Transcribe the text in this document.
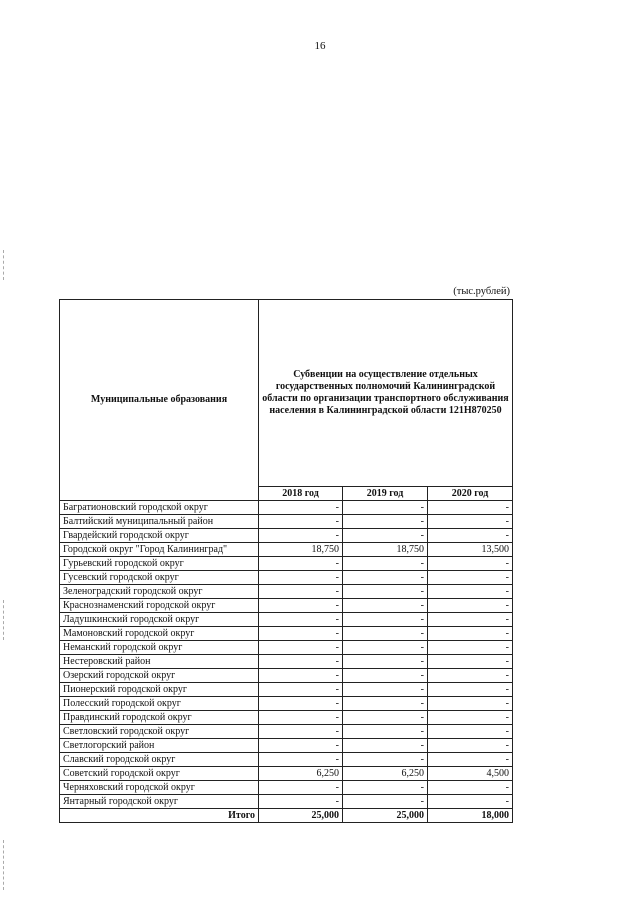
16
(тыс.рублей)
Муниципальные образования	Субвенции на осуществление отдельных государственных полномочий Калининградской области по организации транспортного обслуживания населения в Калининградской области 121Н870250		
	2018 год	2019 год	2020 год
Багратионовский городской округ	-	-	-
Балтийский муниципальный район	-	-	-
Гвардейский городской округ	-	-	-
Городской округ "Город Калининград"	18,750	18,750	13,500
Гурьевский городской округ	-	-	-
Гусевский городской округ	-	-	-
Зеленоградский городской округ	-	-	-
Краснознаменский городской округ	-	-	-
Ладушкинский городской округ	-	-	-
Мамоновский городской округ	-	-	-
Неманский городской округ	-	-	-
Нестеровский район	-	-	-
Озерский городской округ	-	-	-
Пионерский городской округ	-	-	-
Полесский городской округ	-	-	-
Правдинский городской округ	-	-	-
Светловский городской округ	-	-	-
Светлогорский район	-	-	-
Славский городской округ	-	-	-
Советский городской округ	6,250	6,250	4,500
Черняховский городской округ	-	-	-
Янтарный городской округ	-	-	-
Итого	25,000	25,000	18,000
